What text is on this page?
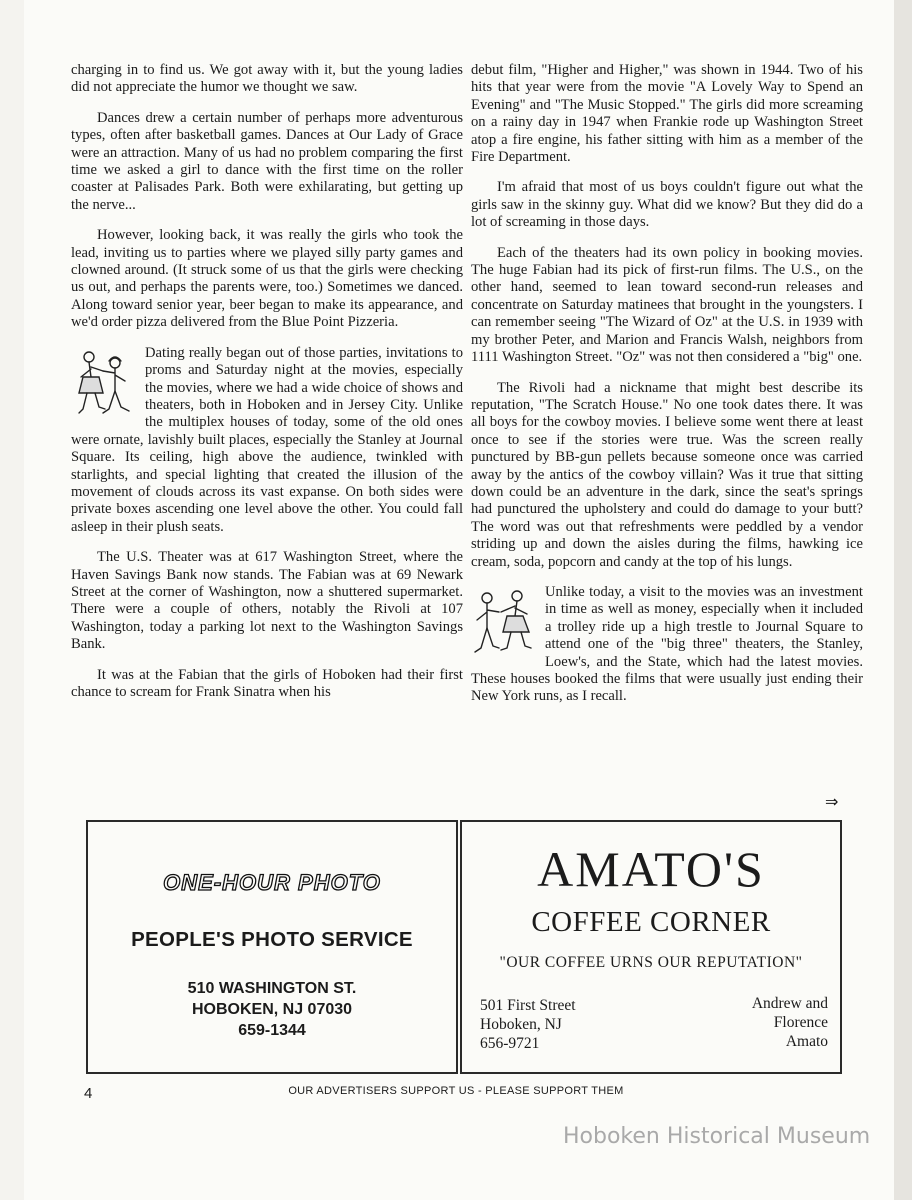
charging in to find us. We got away with it, but the young ladies did not appreciate the humor we thought we saw.

Dances drew a certain number of perhaps more adventurous types, often after basketball games. Dances at Our Lady of Grace were an attraction. Many of us had no problem comparing the first time we asked a girl to dance with the first time on the roller coaster at Palisades Park. Both were exhilarating, but getting up the nerve...

However, looking back, it was really the girls who took the lead, inviting us to parties where we played silly party games and clowned around. (It struck some of us that the girls were checking us out, and perhaps the parents were, too.) Sometimes we danced. Along toward senior year, beer began to make its appearance, and we'd order pizza delivered from the Blue Point Pizzeria.

Dating really began out of those parties, invitations to proms and Saturday night at the movies, especially the movies, where we had a wide choice of shows and theaters, both in Hoboken and in Jersey City. Unlike the multiplex houses of today, some of the old ones were ornate, lavishly built places, especially the Stanley at Journal Square. Its ceiling, high above the audience, twinkled with starlights, and special lighting that created the illusion of the movement of clouds across its vast expanse. On both sides were private boxes ascending one level above the other. You could fall asleep in their plush seats.

The U.S. Theater was at 617 Washington Street, where the Haven Savings Bank now stands. The Fabian was at 69 Newark Street at the corner of Washington, now a shuttered supermarket. There were a couple of others, notably the Rivoli at 107 Washington, today a parking lot next to the Washington Savings Bank.

It was at the Fabian that the girls of Hoboken had their first chance to scream for Frank Sinatra when his

debut film, "Higher and Higher," was shown in 1944. Two of his hits that year were from the movie "A Lovely Way to Spend an Evening" and "The Music Stopped." The girls did more screaming on a rainy day in 1947 when Frankie rode up Washington Street atop a fire engine, his father sitting with him as a member of the Fire Department.

I'm afraid that most of us boys couldn't figure out what the girls saw in the skinny guy. What did we know? But they did do a lot of screaming in those days.

Each of the theaters had its own policy in booking movies. The huge Fabian had its pick of first-run films. The U.S., on the other hand, seemed to lean toward second-run releases and concentrate on Saturday matinees that brought in the youngsters. I can remember seeing "The Wizard of Oz" at the U.S. in 1939 with my brother Peter, and Marion and Francis Walsh, neighbors from 1111 Washington Street. "Oz" was not then considered a "big" one.

The Rivoli had a nickname that might best describe its reputation, "The Scratch House." No one took dates there. It was all boys for the cowboy movies. I believe some went there at least once to see if the stories were true. Was the screen really punctured by BB-gun pellets because someone once was carried away by the antics of the cowboy villain? Was it true that sitting down could be an adventure in the dark, since the seat's springs had punctured the upholstery and could do damage to your butt? The word was out that refreshments were peddled by a vendor striding up and down the aisles during the films, hawking ice cream, soda, popcorn and candy at the top of his lungs.

Unlike today, a visit to the movies was an investment in time as well as money, especially when it included a trolley ride up a high trestle to Journal Square to attend one of the "big three" theaters, the Stanley, Loew's, and the State, which had the latest movies. These houses booked the films that were usually just ending their New York runs, as I recall.

⇒
ONE-HOUR PHOTO
PEOPLE'S PHOTO SERVICE
510 WASHINGTON ST.
HOBOKEN, NJ 07030
659-1344
AMATO'S
COFFEE CORNER
"OUR COFFEE URNS OUR REPUTATION"
501 First Street
Hoboken, NJ
656-9721
Andrew and
Florence
Amato
4	OUR ADVERTISERS SUPPORT US - PLEASE SUPPORT THEM
Hoboken Historical Museum
